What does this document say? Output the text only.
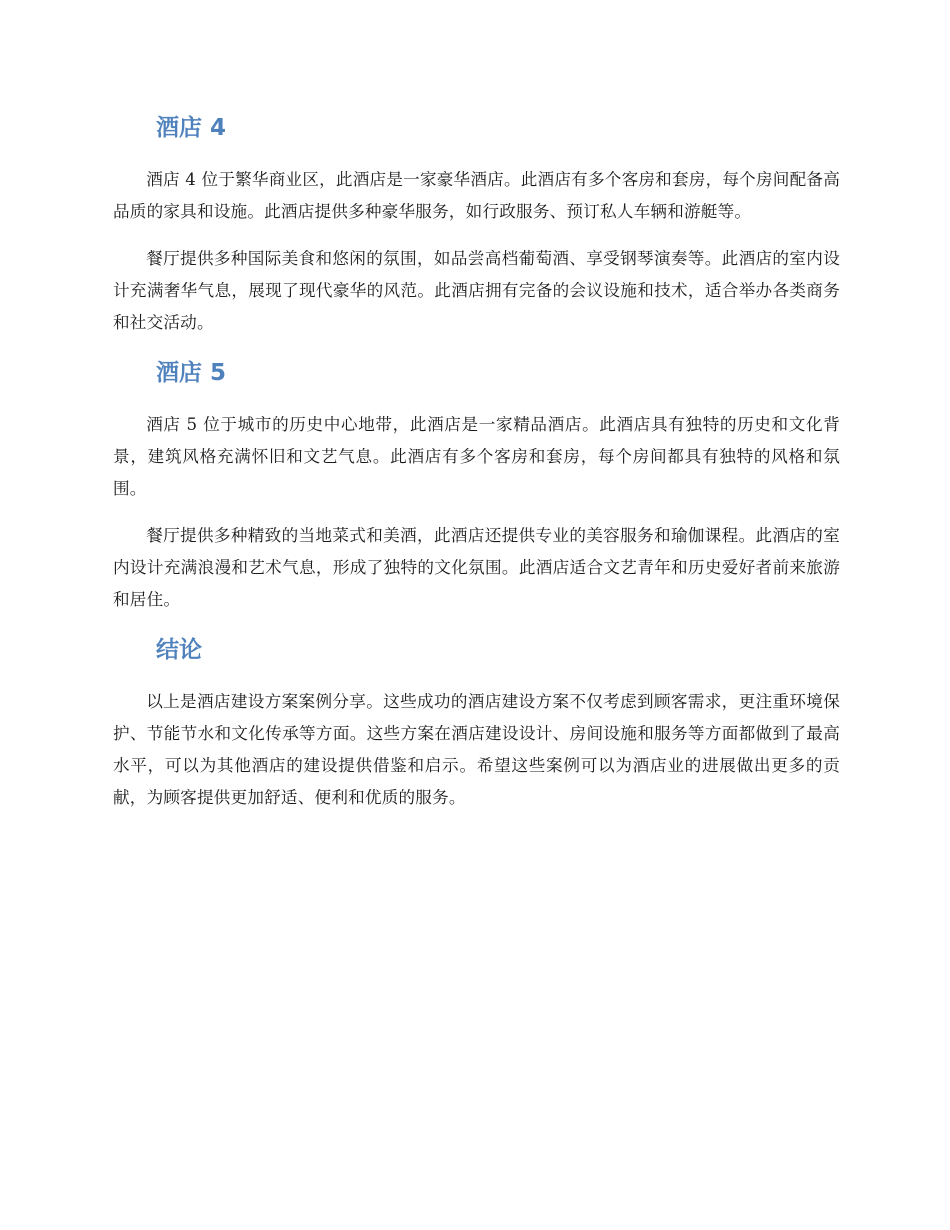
酒店 4

酒店 4 位于繁华商业区，此酒店是一家豪华酒店。此酒店有多个客房和套房，每个房间配备高品质的家具和设施。此酒店提供多种豪华服务，如行政服务、预订私人车辆和游艇等。

餐厅提供多种国际美食和悠闲的氛围，如品尝高档葡萄酒、享受钢琴演奏等。此酒店的室内设计充满奢华气息，展现了现代豪华的风范。此酒店拥有完备的会议设施和技术，适合举办各类商务和社交活动。

酒店 5

酒店 5 位于城市的历史中心地带，此酒店是一家精品酒店。此酒店具有独特的历史和文化背景，建筑风格充满怀旧和文艺气息。此酒店有多个客房和套房，每个房间都具有独特的风格和氛围。

餐厅提供多种精致的当地菜式和美酒，此酒店还提供专业的美容服务和瑜伽课程。此酒店的室内设计充满浪漫和艺术气息，形成了独特的文化氛围。此酒店适合文艺青年和历史爱好者前来旅游和居住。

结论

以上是酒店建设方案案例分享。这些成功的酒店建设方案不仅考虑到顾客需求，更注重环境保护、节能节水和文化传承等方面。这些方案在酒店建设设计、房间设施和服务等方面都做到了最高水平，可以为其他酒店的建设提供借鉴和启示。希望这些案例可以为酒店业的进展做出更多的贡献，为顾客提供更加舒适、便利和优质的服务。
